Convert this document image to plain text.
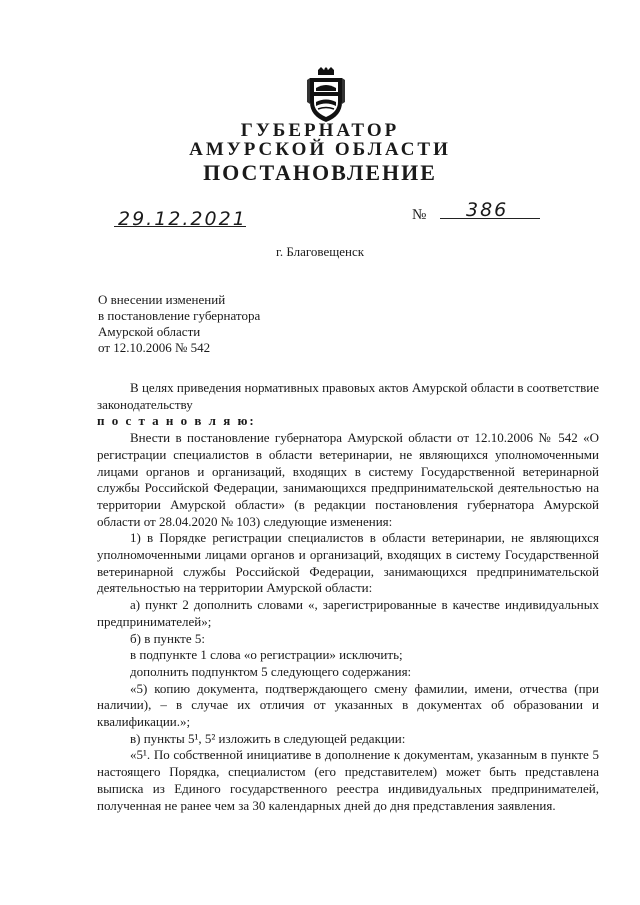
ГУБЕРНАТОР
АМУРСКОЙ ОБЛАСТИ
ПОСТАНОВЛЕНИЕ
29.12.2021	№ 386
г. Благовещенск
О внесении изменений
в постановление губернатора
Амурской области
от 12.10.2006 № 542

В целях приведения нормативных правовых актов Амурской области в соответствие законодательству

п о с т а н о в л я ю:

Внести в постановление губернатора Амурской области от 12.10.2006 № 542 «О регистрации специалистов в области ветеринарии, не являющихся уполномоченными лицами органов и организаций, входящих в систему Государственной ветеринарной службы Российской Федерации, занимающихся предпринимательской деятельностью на территории Амурской области» (в редакции постановления губернатора Амурской области от 28.04.2020 № 103) следующие изменения:

1) в Порядке регистрации специалистов в области ветеринарии, не являющихся уполномоченными лицами органов и организаций, входящих в систему Государственной ветеринарной службы Российской Федерации, занимающихся предпринимательской деятельностью на территории Амурской области:

а) пункт 2 дополнить словами «, зарегистрированные в качестве индивидуальных предпринимателей»;

б) в пункте 5:

в подпункте 1 слова «о регистрации» исключить;

дополнить подпунктом 5 следующего содержания:

«5) копию документа, подтверждающего смену фамилии, имени, отчества (при наличии), – в случае их отличия от указанных в документах об образовании и квалификации.»;

в) пункты 5¹, 5² изложить в следующей редакции:

«5¹. По собственной инициативе в дополнение к документам, указанным в пункте 5 настоящего Порядка, специалистом (его представителем) может быть представлена выписка из Единого государственного реестра индивидуальных предпринимателей, полученная не ранее чем за 30 календарных дней до дня представления заявления.
